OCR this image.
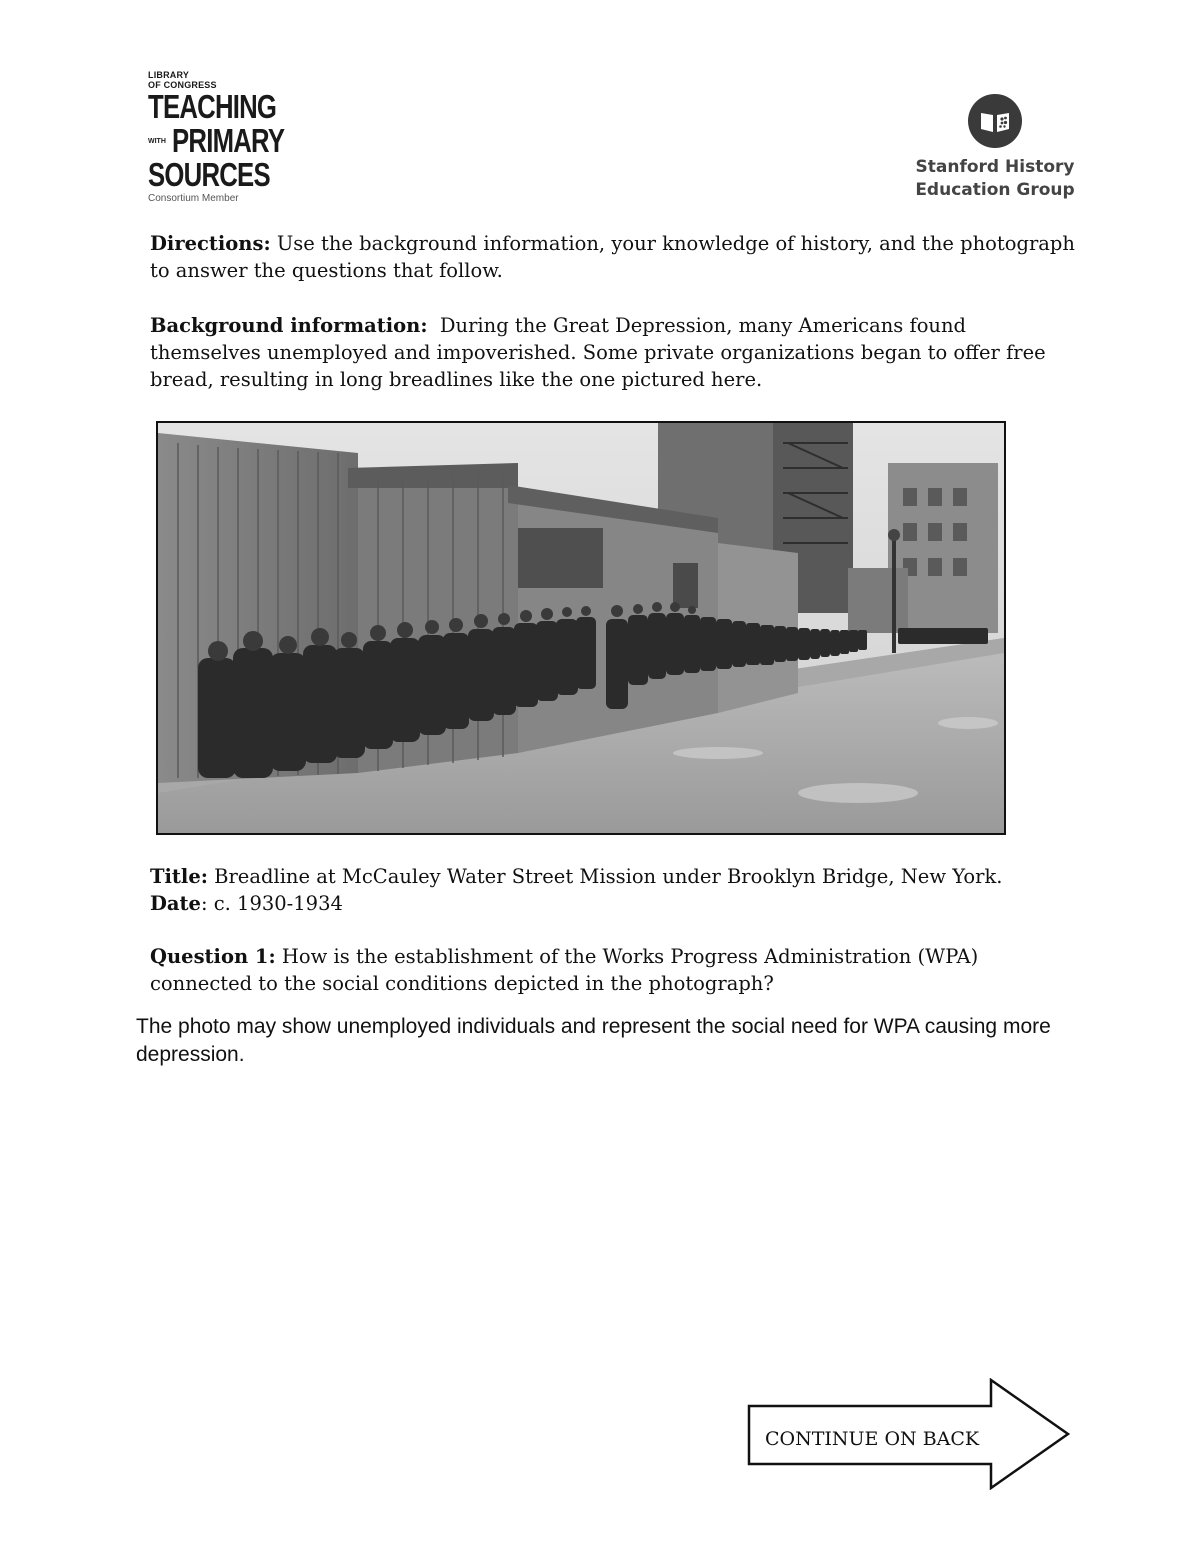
LIBRARY
OF CONGRESS
TEACHING
WITH PRIMARY
SOURCES
Consortium Member
Stanford History
Education Group
Directions: Use the background information, your knowledge of history, and the photograph to answer the questions that follow.
Background information:  During the Great Depression, many Americans found themselves unemployed and impoverished. Some private organizations began to offer free bread, resulting in long breadlines like the one pictured here.
Title: Breadline at McCauley Water Street Mission under Brooklyn Bridge, New York.
Date: c. 1930-1934
Question 1: How is the establishment of the Works Progress Administration (WPA) connected to the social conditions depicted in the photograph?
The photo may show unemployed individuals and represent the social need for WPA causing more depression.
CONTINUE ON BACK
